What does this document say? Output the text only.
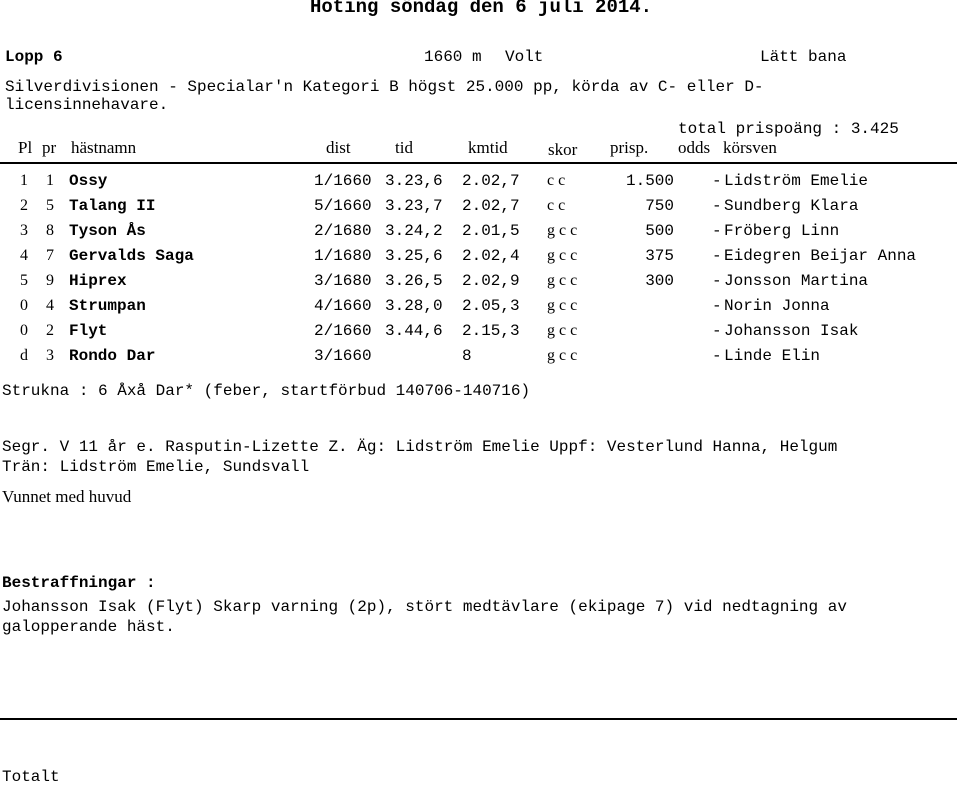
Hoting söndag den 6 juli 2014.
Lopp 6	1660 m Volt	Lätt bana
Silverdivisionen - Specialar'n Kategori B högst 25.000 pp, körda av C- eller D-
licensinnehavare.
total prispoäng : 3.425
Pl pr hästnamn	dist	tid	kmtid skor prisp. odds körsven
1 1 Ossy	1/1660 3.23,6 2.02,7 c c	1.500 - Lidström Emelie
2 5 Talang II	5/1660 3.23,7 2.02,7 c c	750 - Sundberg Klara
3 8 Tyson Ås	2/1680 3.24,2 2.01,5 g c c	500 - Fröberg Linn
4 7 Gervalds Saga	1/1680 3.25,6 2.02,4 g c c	375 - Eidegren Beijar Anna
5 9 Hiprex	3/1680 3.26,5 2.02,9 g c c	300 - Jonsson Martina
0 4 Strumpan	4/1660 3.28,0 2.05,3 g c c	- Norin Jonna
0 2 Flyt	2/1660 3.44,6 2.15,3 g c c	- Johansson Isak
d 3 Rondo Dar	3/1660	8	g c c	- Linde Elin
Strukna : 6 Åxå Dar* (feber, startförbud 140706-140716)
Segr. V 11 år e. Rasputin-Lizette Z. Äg: Lidström Emelie Uppf: Vesterlund Hanna, Helgum
Trän: Lidström Emelie, Sundsvall
Vunnet med huvud
Bestraffningar :
Johansson Isak (Flyt) Skarp varning (2p), stört medtävlare (ekipage 7) vid nedtagning av
galopperande häst.
Totalt
